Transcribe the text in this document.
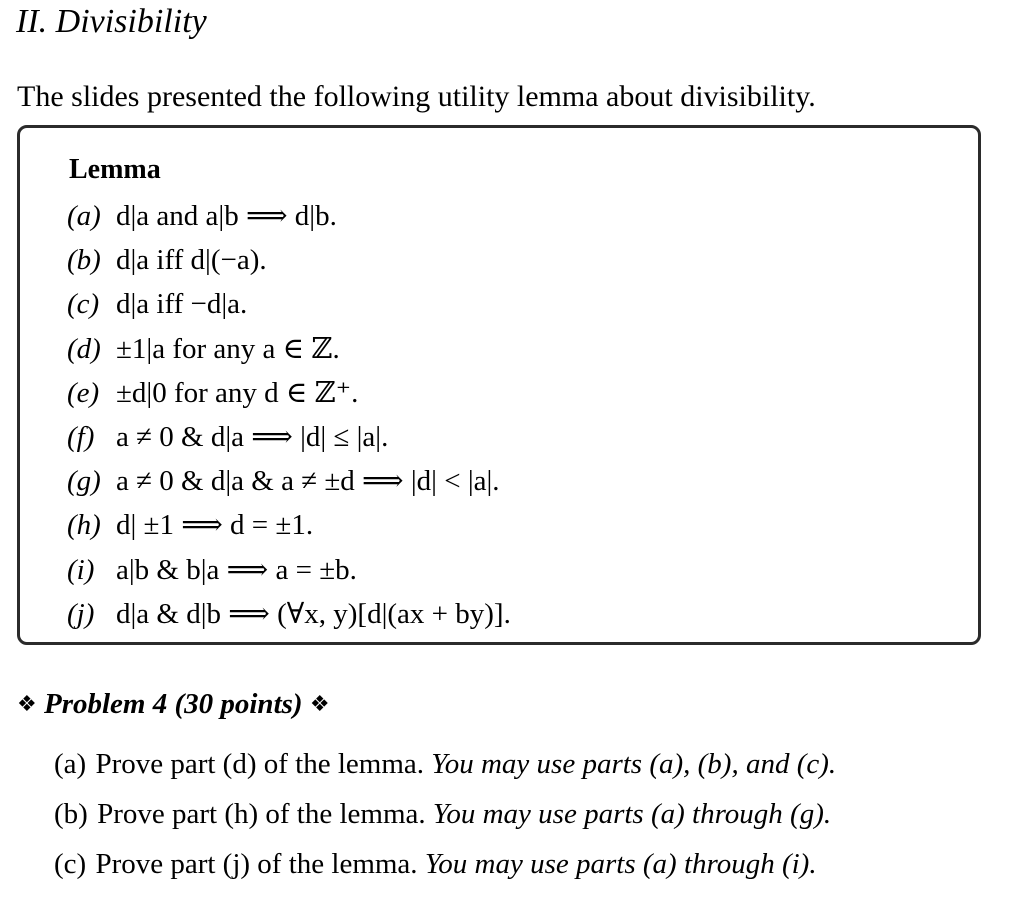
II. Divisibility

The slides presented the following utility lemma about divisibility.

Lemma
(a) d|a and a|b ⟹ d|b.
(b) d|a iff d|(−a).
(c) d|a iff −d|a.
(d) ±1|a for any a ∈ ℤ.
(e) ±d|0 for any d ∈ ℤ⁺.
(f) a ≠ 0 & d|a ⟹ |d| ≤ |a|.
(g) a ≠ 0 & d|a & a ≠ ±d ⟹ |d| < |a|.
(h) d| ±1 ⟹ d = ±1.
(i) a|b & b|a ⟹ a = ±b.
(j) d|a & d|b ⟹ (∀x, y)[d|(ax + by)].
❖ Problem 4 (30 points) ❖
(a) Prove part (d) of the lemma. You may use parts (a), (b), and (c).
(b) Prove part (h) of the lemma. You may use parts (a) through (g).
(c) Prove part (j) of the lemma. You may use parts (a) through (i).
